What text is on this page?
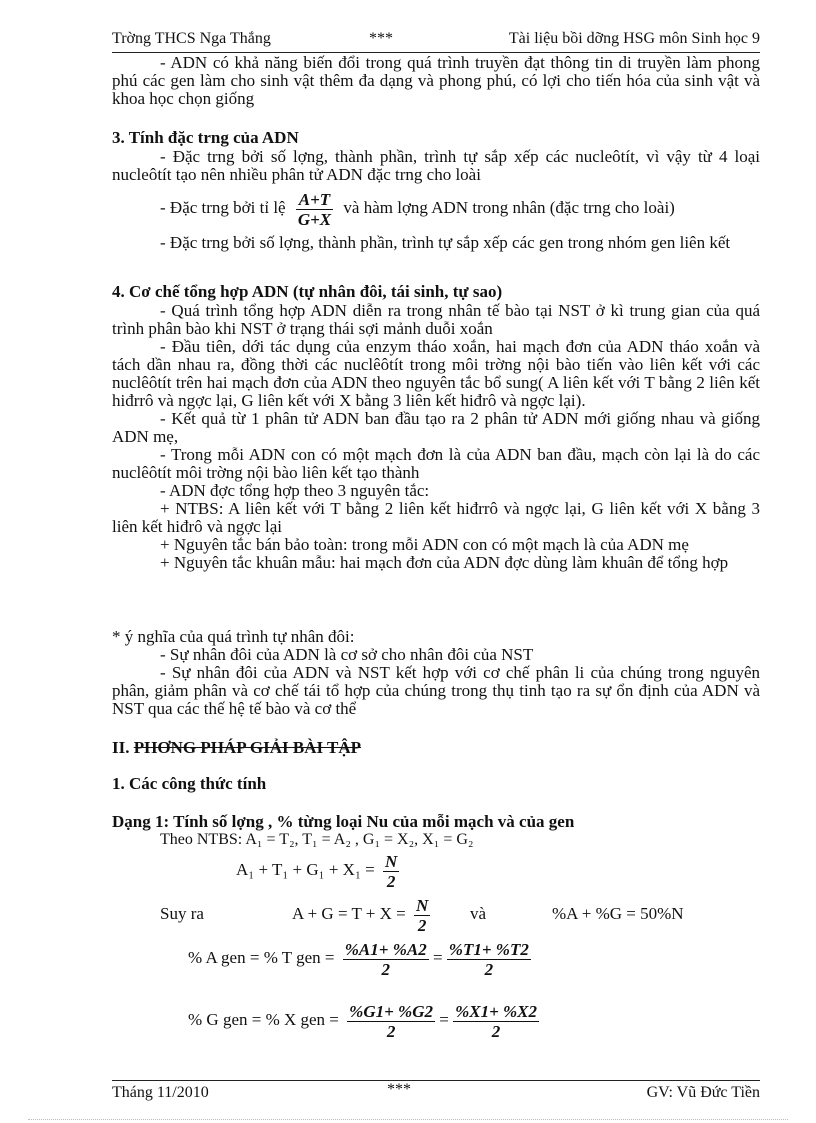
Trờng THCS Nga Thắng	***	Tài liệu bồi dỡng HSG môn Sinh học 9

- ADN có khả năng biến đổi trong quá trình truyền đạt thông tin di truyền làm phong phú các gen làm cho sinh vật thêm đa dạng và phong phú, có lợi cho tiến hóa của sinh vật và khoa học chọn giống

3. Tính đặc trng của ADN

- Đặc trng bởi số lợng, thành phần, trình tự sắp xếp các nucleôtít, vì vậy từ 4 loại nucleôtít tạo nên nhiều phân tử ADN đặc trng cho loài

- Đặc trng bởi tỉ lệ $\frac{A+T}{G+X}$ và hàm lợng ADN trong nhân (đặc trng cho loài)

- Đặc trng bởi số lợng, thành phần, trình tự sắp xếp các gen trong nhóm gen liên kết

4. Cơ chế tổng hợp ADN (tự nhân đôi, tái sinh, tự sao)

- Quá trình tổng hợp ADN diễn ra trong nhân tế bào tại NST ở kì trung gian của quá trình phân bào khi NST ở trạng thái sợi mảnh duỗi xoắn

- Đầu tiên, dới tác dụng của enzym tháo xoắn, hai mạch đơn của ADN tháo xoắn và tách dần nhau ra, đồng thời các nuclêôtít trong môi trờng nội bào tiến vào liên kết với các nuclêôtít trên hai mạch đơn của ADN theo nguyên tắc bổ sung( A liên kết với T bằng 2 liên kết hiđrrô và ngợc lại, G liên kết với X bằng 3 liên kết hiđrô và ngợc lại).

- Kết quả từ 1 phân tử ADN ban đầu tạo ra 2 phân tử ADN mới giống nhau và giống ADN mẹ,

- Trong mỗi ADN con có một mạch đơn là của ADN ban đầu, mạch còn lại là do các nuclêôtít môi trờng nội bào liên kết tạo thành

- ADN đợc tổng hợp theo 3 nguyên tắc:

+ NTBS: A liên kết với T bằng 2 liên kết hiđrrô và ngợc lại, G liên kết với X bằng 3 liên kết hiđrô và ngợc lại

+ Nguyên tắc bán bảo toàn: trong mỗi ADN con có một mạch là của ADN mẹ

+ Nguyên tắc khuân mẫu: hai mạch đơn của ADN đợc dùng làm khuân để tổng hợp

* ý nghĩa của quá trình tự nhân đôi:

- Sự nhân đôi của ADN là cơ sở cho nhân đôi của NST

- Sự nhân đôi của ADN và NST kết hợp với cơ chế phân li của chúng trong nguyên phân, giảm phân và cơ chế tái tổ hợp của chúng trong thụ tinh tạo ra sự ổn định của ADN và NST qua các thế hệ tế bào và cơ thể

II. PHƠNG PHÁP GIẢI BÀI TẬP
1. Các công thức tính
Dạng 1: Tính số lợng , % từng loại Nu của mỗi mạch và của gen
Theo NTBS: A₁ = T₂, T₁ = A₂ , G₁ = X₂, X₁ = G₂
$A_1 + T_1 + G_1 + X_1 = \frac{N}{2}$
Suy ra	$A + G = T + X = \frac{N}{2}$ và	%A + %G = 50%N
% A gen = % T gen = $\frac{\%A1+ \%A2}{2} = \frac{\%T1+ \%T2}{2}$
% G gen = % X gen = $\frac{\%G1+ \%G2}{2} = \frac{\%X1+ \%X2}{2}$
Tháng 11/2010	***	GV: Vũ Đức Tiền
